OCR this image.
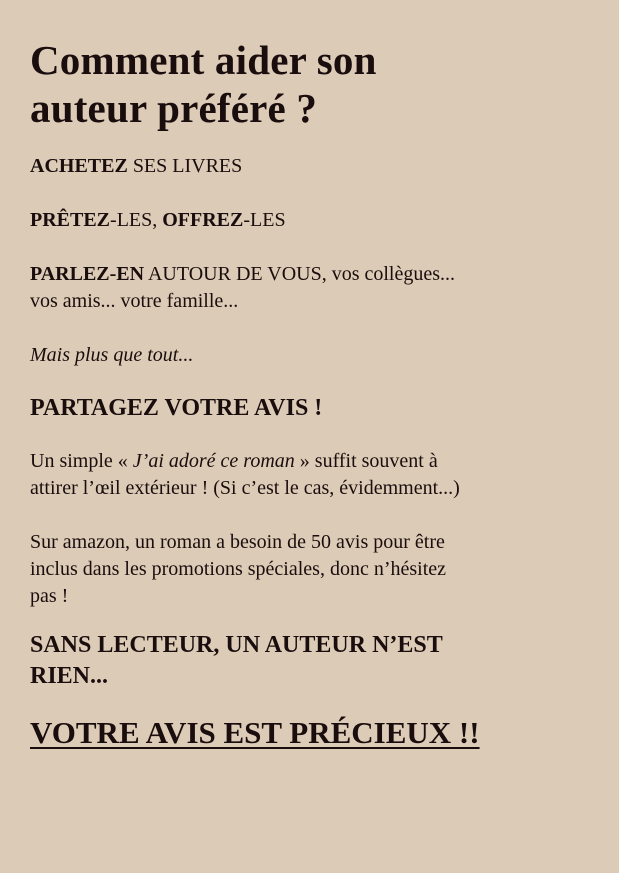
Comment aider son
auteur préféré ?

ACHETEZ SES LIVRES

PRÊTEZ-LES, OFFREZ-LES

PARLEZ-EN AUTOUR DE VOUS, vos collègues...
vos amis... votre famille...

Mais plus que tout...

PARTAGEZ VOTRE AVIS !

Un simple « J’ai adoré ce roman » suffit souvent à
attirer l’œil extérieur ! (Si c’est le cas, évidemment...)

Sur amazon, un roman a besoin de 50 avis pour être
inclus dans les promotions spéciales, donc n’hésitez
pas !

SANS LECTEUR, UN AUTEUR N’EST
RIEN...

VOTRE AVIS EST PRÉCIEUX !!
